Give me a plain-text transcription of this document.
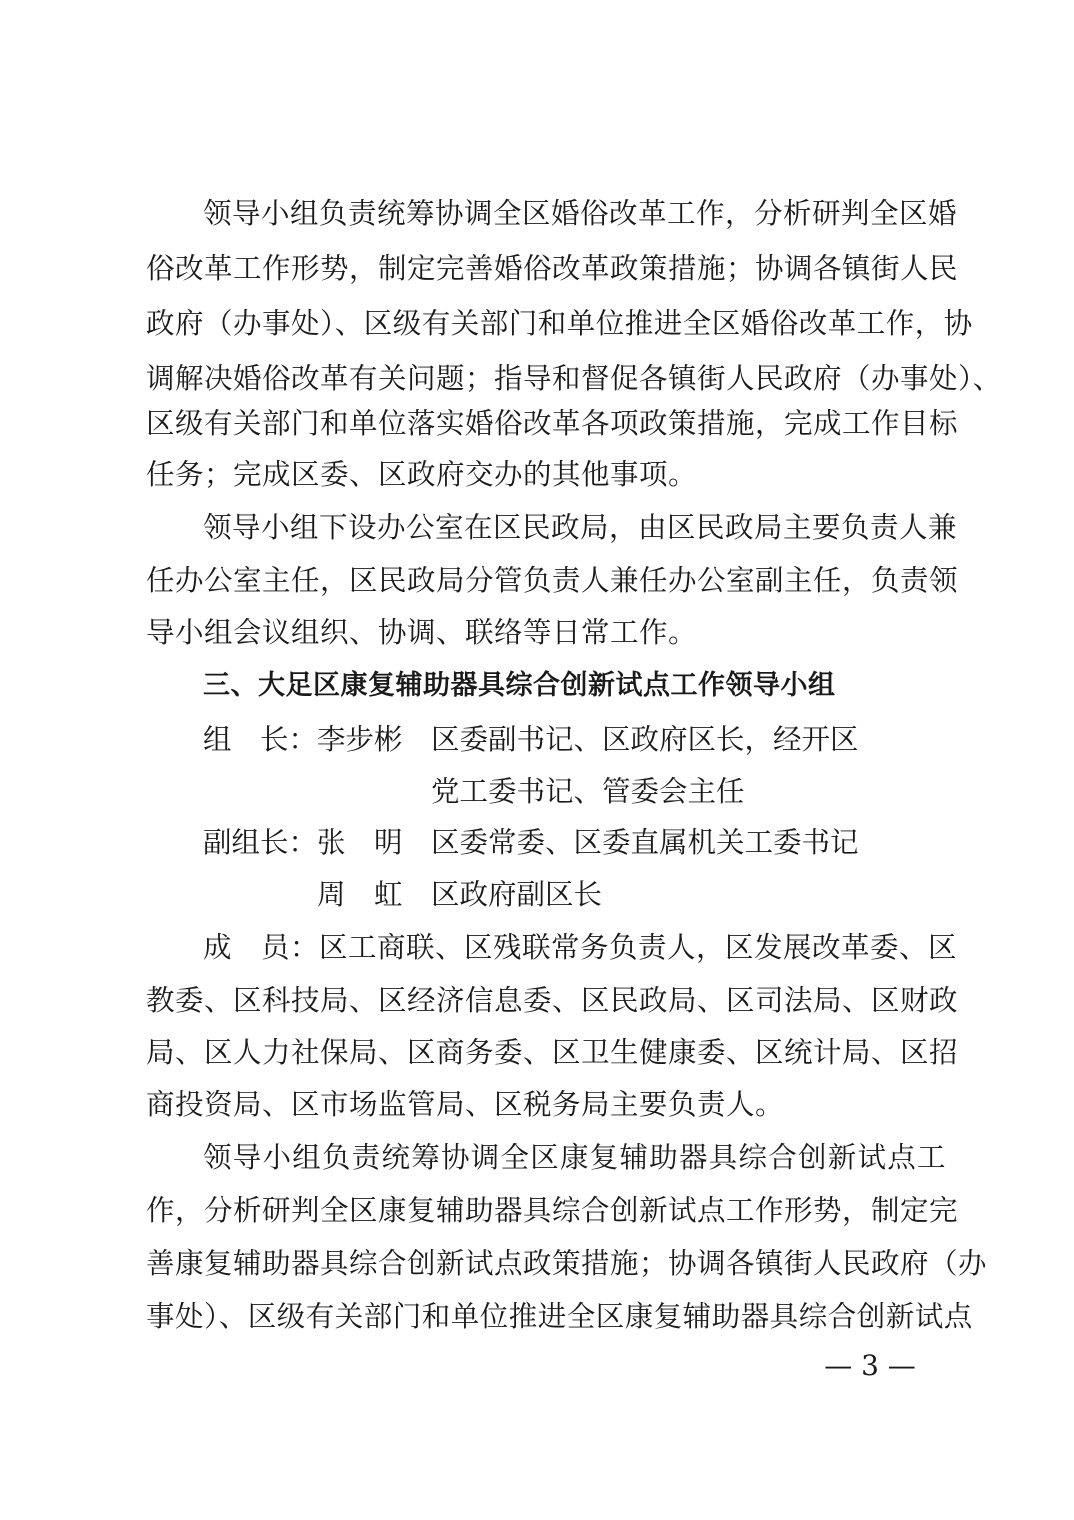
领导小组负责统筹协调全区婚俗改革工作，分析研判全区婚
俗改革工作形势，制定完善婚俗改革政策措施；协调各镇街人民
政府（办事处）、区级有关部门和单位推进全区婚俗改革工作，协
调解决婚俗改革有关问题；指导和督促各镇街人民政府（办事处）、
区级有关部门和单位落实婚俗改革各项政策措施，完成工作目标
任务；完成区委、区政府交办的其他事项。
领导小组下设办公室在区民政局，由区民政局主要负责人兼
任办公室主任，区民政局分管负责人兼任办公室副主任，负责领
导小组会议组织、协调、联络等日常工作。
三、大足区康复辅助器具综合创新试点工作领导小组
组　长： 李步彬 区委副书记、区政府区长，经开区
党工委书记、管委会主任
副组长： 张　明 区委常委、区委直属机关工委书记
周　虹 区政府副区长
成　员：区工商联、区残联常务负责人，区发展改革委、区
教委、区科技局、区经济信息委、区民政局、区司法局、区财政
局、区人力社保局、区商务委、区卫生健康委、区统计局、区招
商投资局、区市场监管局、区税务局主要负责人。
领导小组负责统筹协调全区康复辅助器具综合创新试点工
作，分析研判全区康复辅助器具综合创新试点工作形势，制定完
善康复辅助器具综合创新试点政策措施；协调各镇街人民政府（办
事处）、区级有关部门和单位推进全区康复辅助器具综合创新试点
— 3 —
